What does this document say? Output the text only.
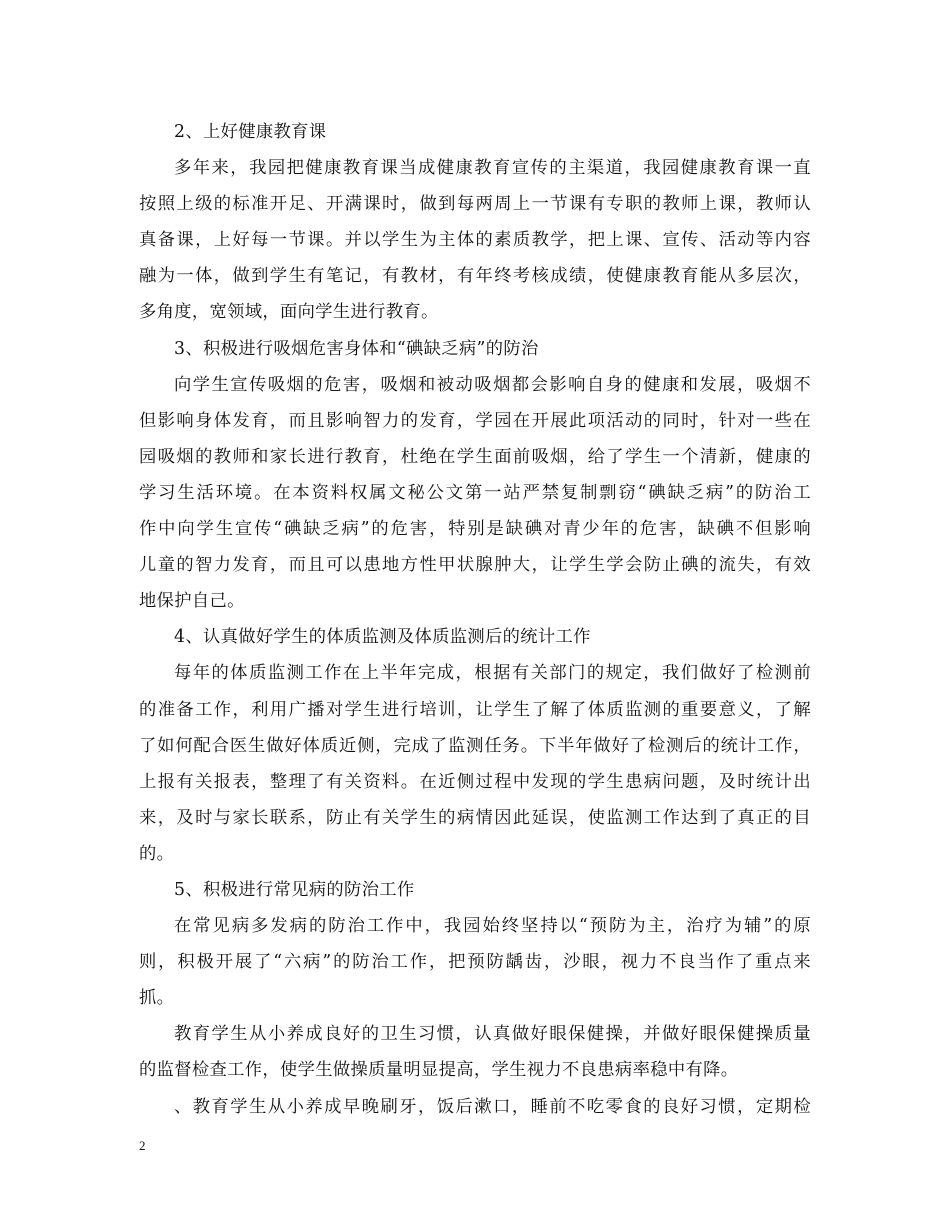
2、上好健康教育课
多年来，我园把健康教育课当成健康教育宣传的主渠道，我园健康教育课一直
按照上级的标准开足、开满课时，做到每两周上一节课有专职的教师上课，教师认
真备课，上好每一节课。并以学生为主体的素质教学，把上课、宣传、活动等内容
融为一体，做到学生有笔记，有教材，有年终考核成绩，使健康教育能从多层次，
多角度，宽领域，面向学生进行教育。
3、积极进行吸烟危害身体和“碘缺乏病”的防治
向学生宣传吸烟的危害，吸烟和被动吸烟都会影响自身的健康和发展，吸烟不
但影响身体发育，而且影响智力的发育，学园在开展此项活动的同时，针对一些在
园吸烟的教师和家长进行教育，杜绝在学生面前吸烟，给了学生一个清新，健康的
学习生活环境。在本资料权属文秘公文第一站严禁复制剽窃“碘缺乏病”的防治工
作中向学生宣传“碘缺乏病”的危害，特别是缺碘对青少年的危害，缺碘不但影响
儿童的智力发育，而且可以患地方性甲状腺肿大，让学生学会防止碘的流失，有效
地保护自己。
4、认真做好学生的体质监测及体质监测后的统计工作
每年的体质监测工作在上半年完成，根据有关部门的规定，我们做好了检测前
的准备工作，利用广播对学生进行培训，让学生了解了体质监测的重要意义，了解
了如何配合医生做好体质近侧，完成了监测任务。下半年做好了检测后的统计工作，
上报有关报表，整理了有关资料。在近侧过程中发现的学生患病问题，及时统计出
来，及时与家长联系，防止有关学生的病情因此延误，使监测工作达到了真正的目
的。
5、积极进行常见病的防治工作
在常见病多发病的防治工作中，我园始终坚持以“预防为主，治疗为辅”的原
则，积极开展了“六病”的防治工作，把预防龋齿，沙眼，视力不良当作了重点来
抓。
教育学生从小养成良好的卫生习惯，认真做好眼保健操，并做好眼保健操质量
的监督检查工作，使学生做操质量明显提高，学生视力不良患病率稳中有降。
、教育学生从小养成早晚刷牙，饭后漱口，睡前不吃零食的良好习惯，定期检
2
